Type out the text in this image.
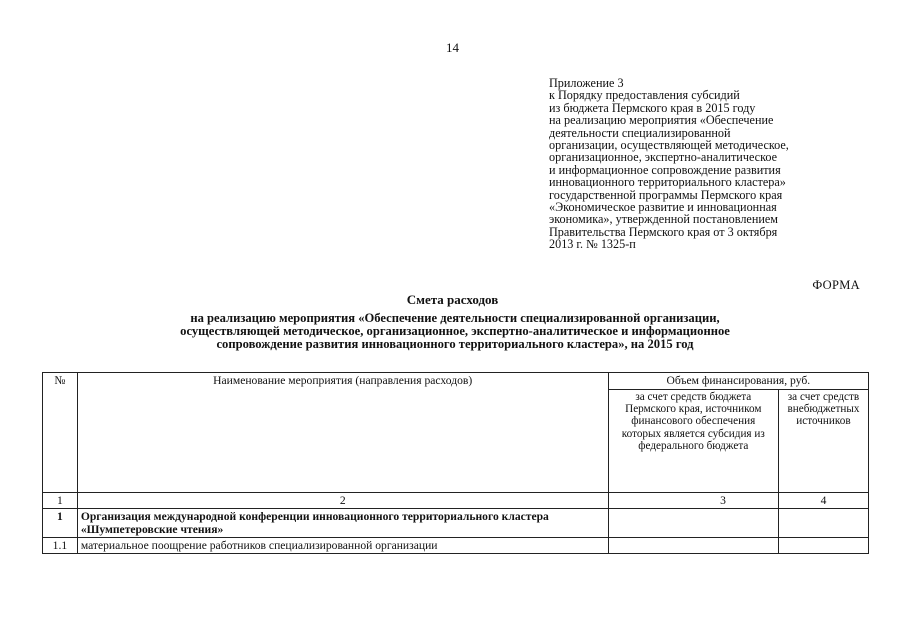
14
Приложение 3
к Порядку предоставления субсидий
из бюджета Пермского края в 2015 году
на реализацию мероприятия «Обеспечение
деятельности специализированной
организации, осуществляющей методическое,
организационное, экспертно-аналитическое
и информационное сопровождение развития
инновационного территориального кластера»
государственной программы Пермского края
«Экономическое развитие и инновационная
экономика», утвержденной постановлением
Правительства Пермского края от 3 октября
2013 г. № 1325-п
ФОРМА
Смета расходов
на реализацию мероприятия «Обеспечение деятельности специализированной организации,
осуществляющей методическое, организационное, экспертно-аналитическое и информационное
сопровождение развития инновационного территориального кластера», на 2015 год
№	Наименование мероприятия (направления расходов)	Объем финансирования, руб.	
		за счет средств бюджета Пермского края, источником финансового обеспечения которых является субсидия из федерального бюджета	за счет средств внебюджетных источников
1	2	3	4
1	Организация международной конференции инновационного территориального кластера «Шумпетеровские чтения»		
1.1	материальное поощрение работников специализированной организации		
